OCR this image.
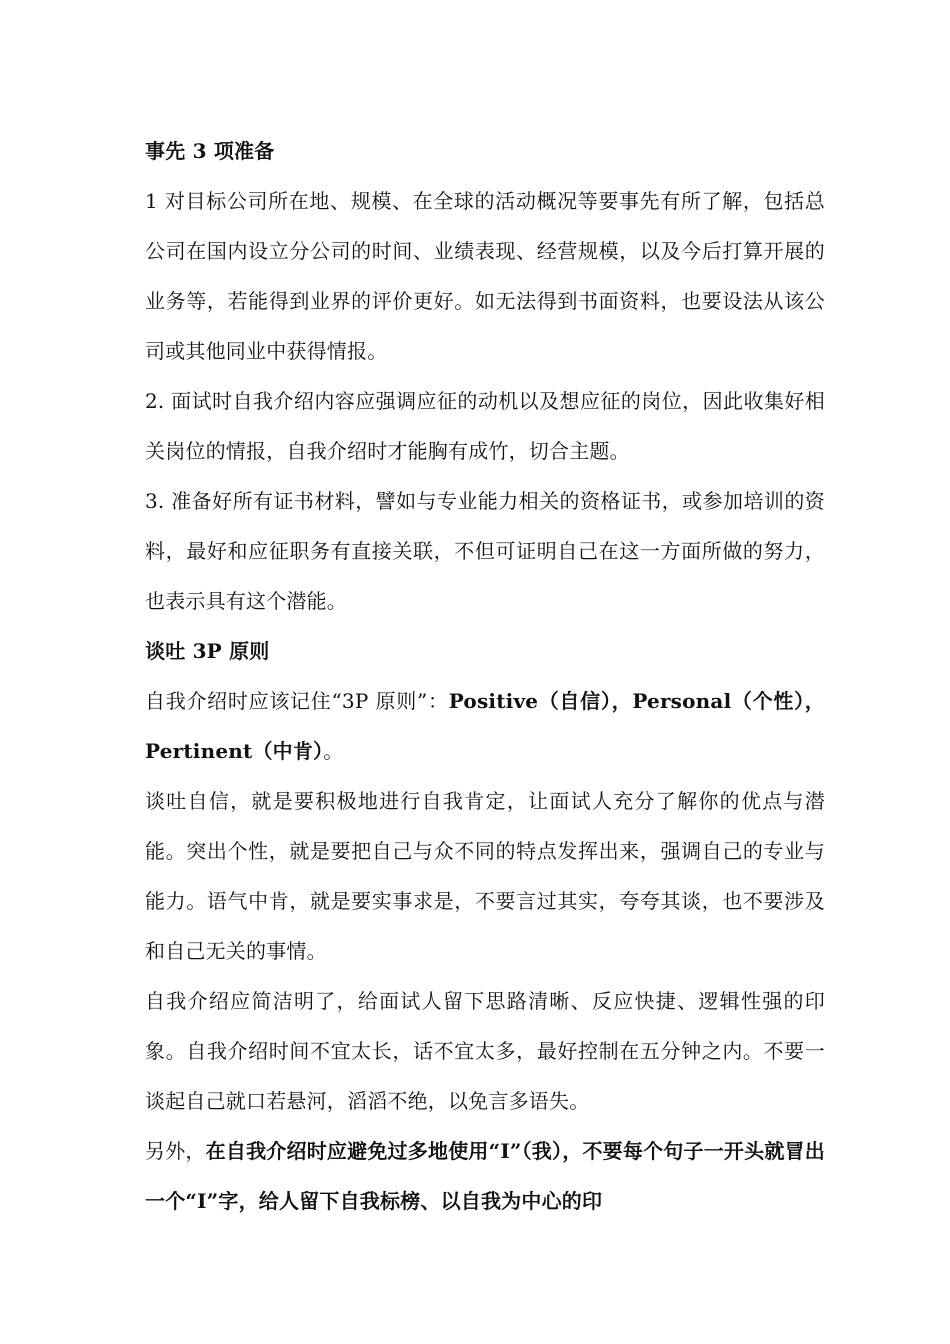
事先 3 项准备

1 对目标公司所在地、规模、在全球的活动概况等要事先有所了解，包括总公司在国内设立分公司的时间、业绩表现、经营规模，以及今后打算开展的业务等，若能得到业界的评价更好。如无法得到书面资料，也要设法从该公司或其他同业中获得情报。

2. 面试时自我介绍内容应强调应征的动机以及想应征的岗位，因此收集好相关岗位的情报，自我介绍时才能胸有成竹，切合主题。

3. 准备好所有证书材料，譬如与专业能力相关的资格证书，或参加培训的资料，最好和应征职务有直接关联，不但可证明自己在这一方面所做的努力，也表示具有这个潜能。

谈吐 3P 原则

自我介绍时应该记住“3P 原则”：Positive（自信），Personal（个性），Pertinent（中肯）。

谈吐自信，就是要积极地进行自我肯定，让面试人充分了解你的优点与潜能。突出个性，就是要把自己与众不同的特点发挥出来，强调自己的专业与能力。语气中肯，就是要实事求是，不要言过其实，夸夸其谈，也不要涉及和自己无关的事情。

自我介绍应简洁明了，给面试人留下思路清晰、反应快捷、逻辑性强的印象。自我介绍时间不宜太长，话不宜太多，最好控制在五分钟之内。不要一谈起自己就口若悬河，滔滔不绝，以免言多语失。

另外，在自我介绍时应避免过多地使用“I”（我），不要每个句子一开头就冒出一个“I”字，给人留下自我标榜、以自我为中心的印
